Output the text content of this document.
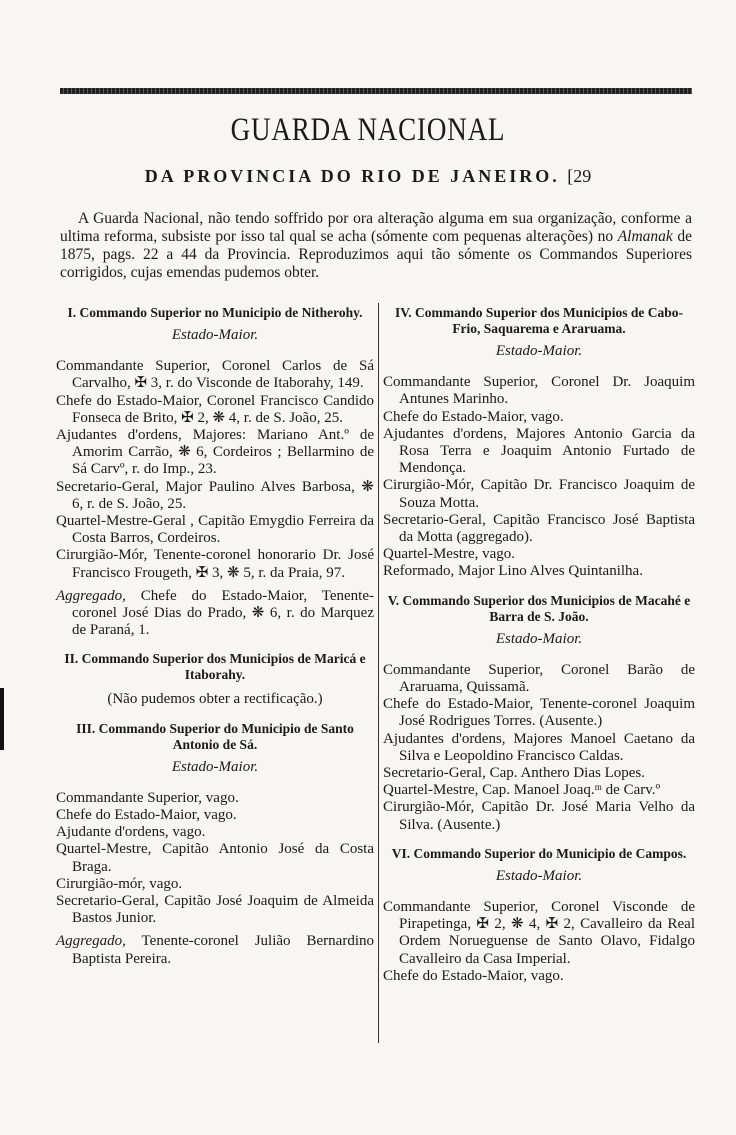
GUARDA NACIONAL
DA PROVINCIA DO RIO DE JANEIRO. [29
A Guarda Nacional, não tendo soffrido por ora alteração alguma em sua organização, conforme a ultima reforma, subsiste por isso tal qual se acha (sómente com pequenas alterações) no Almanak de 1875, pags. 22 a 44 da Provincia. Reproduzimos aqui tão sómente os Commandos Superiores corrigidos, cujas emendas pudemos obter.
I. Commando Superior no Municipio de Nitherohy.
Estado-Maior.

Commandante Superior, Coronel Carlos de Sá Carvalho, ✠ 3, r. do Visconde de Itaborahy, 149.

Chefe do Estado-Maior, Coronel Francisco Candido Fonseca de Brito, ✠ 2, ❋ 4, r. de S. João, 25.

Ajudantes d'ordens, Majores: Mariano Ant.º de Amorim Carrão, ❋ 6, Cordeiros ; Bellarmino de Sá Carvº, r. do Imp., 23.

Secretario-Geral, Major Paulino Alves Barbosa, ❋ 6, r. de S. João, 25.

Quartel-Mestre-Geral , Capitão Emygdio Ferreira da Costa Barros, Cordeiros.

Cirurgião-Mór, Tenente-coronel honorario Dr. José Francisco Frougeth, ✠ 3, ❋ 5, r. da Praia, 97.

Aggregado, Chefe do Estado-Maior, Tenente-coronel José Dias do Prado, ❋ 6, r. do Marquez de Paraná, 1.

II. Commando Superior dos Municipios de Maricá e Itaborahy.
(Não pudemos obter a rectificação.)
III. Commando Superior do Municipio de Santo Antonio de Sá.
Estado-Maior.

Commandante Superior, vago.

Chefe do Estado-Maior, vago.

Ajudante d'ordens, vago.

Quartel-Mestre, Capitão Antonio José da Costa Braga.

Cirurgião-mór, vago.

Secretario-Geral, Capitão José Joaquim de Almeida Bastos Junior.

Aggregado, Tenente-coronel Julião Bernardino Baptista Pereira.

IV. Commando Superior dos Municipios de Cabo-Frio, Saquarema e Araruama.
Estado-Maior.

Commandante Superior, Coronel Dr. Joaquim Antunes Marinho.

Chefe do Estado-Maior, vago.

Ajudantes d'ordens, Majores Antonio Garcia da Rosa Terra e Joaquim Antonio Furtado de Mendonça.

Cirurgião-Mór, Capitão Dr. Francisco Joaquim de Souza Motta.

Secretario-Geral, Capitão Francisco José Baptista da Motta (aggregado).

Quartel-Mestre, vago.

Reformado, Major Lino Alves Quintanilha.

V. Commando Superior dos Municipios de Macahé e Barra de S. João.
Estado-Maior.

Commandante Superior, Coronel Barão de Araruama, Quissamã.

Chefe do Estado-Maior, Tenente-coronel Joaquim José Rodrigues Torres. (Ausente.)

Ajudantes d'ordens, Majores Manoel Caetano da Silva e Leopoldino Francisco Caldas.

Secretario-Geral, Cap. Anthero Dias Lopes.

Quartel-Mestre, Cap. Manoel Joaq.ᵐ de Carv.º

Cirurgião-Mór, Capitão Dr. José Maria Velho da Silva. (Ausente.)

VI. Commando Superior do Municipio de Campos.
Estado-Maior.

Commandante Superior, Coronel Visconde de Pirapetinga, ✠ 2, ❋ 4, ✠ 2, Cavalleiro da Real Ordem Norueguense de Santo Olavo, Fidalgo Cavalleiro da Casa Imperial.

Chefe do Estado-Maior, vago.
